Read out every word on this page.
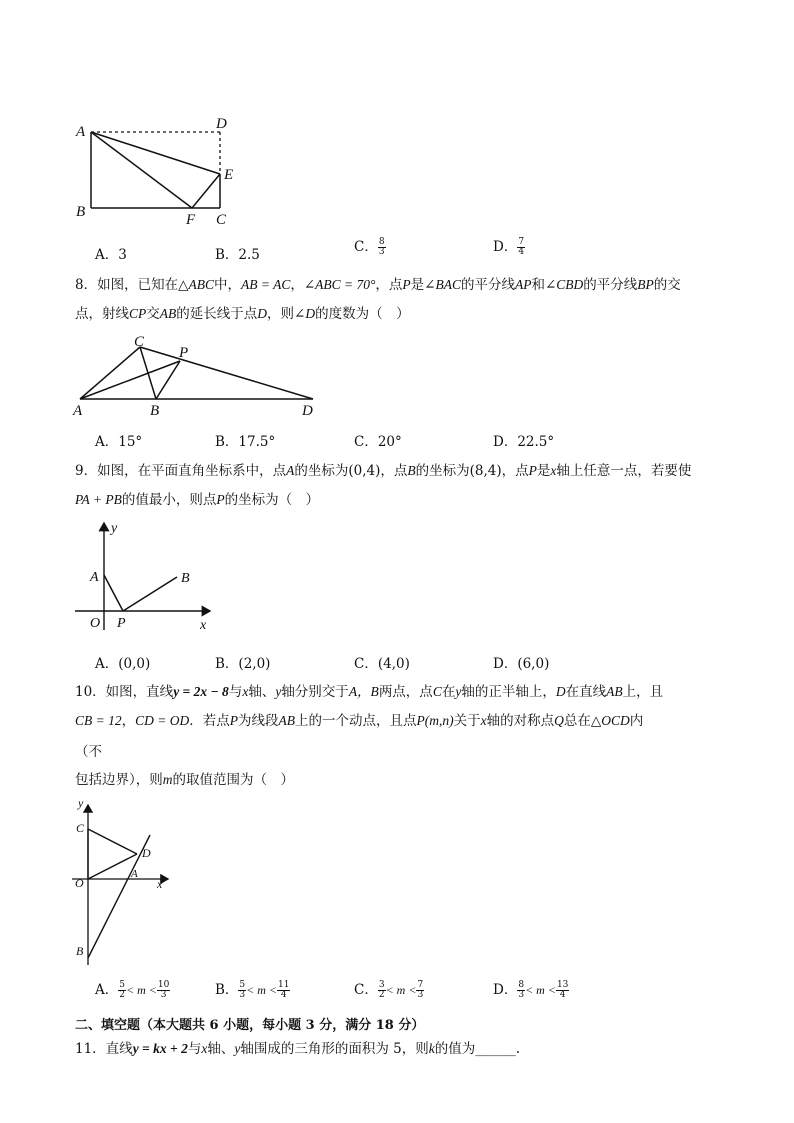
A	D
E
B	F C
A．3	B．2.5	C． $\frac{8}{3}$	D． $\frac{7}{4}$
8．如图，已知在△ABC中，AB = AC，∠ABC = 70°，点P是∠BAC的平分线AP和∠CBD的平分线BP的交
点，射线CP交AB的延长线于点D，则∠D的度数为（　）
C
P
A	B	D
A．15°	B．17.5°	C．20°	D．22.5°
9．如图，在平面直角坐标系中，点A的坐标为(0,4)，点B的坐标为(8,4)，点P是x轴上任意一点，若要使
PA + PB的值最小，则点P的坐标为（　）
y
A	B
O P	x
A．(0,0)	B．(2,0)	C．(4,0)	D．(6,0)
10．如图，直线y = 2x − 8与x轴、y轴分别交于A，B两点，点C在y轴的正半轴上，D在直线AB上，且
CB = 12，CD = OD．若点P为线段AB上的一个动点，且点P(m,n)关于x轴的对称点Q总在△OCD内
（不
包括边界），则m的取值范围为（　）
y
C
D
O
A
x
B
A． $\frac{5}{2} < m < \frac{10}{3}$	B． $\frac{5}{3} < m < \frac{11}{4}$	C． $\frac{3}{2} < m < \frac{7}{3}$	D． $\frac{8}{3} < m < \frac{13}{4}$
二、填空题（本大题共 6 小题，每小题 3 分，满分 18 分）
11．直线y = kx + 2与x轴、y轴围成的三角形的面积为 5，则k的值为______.
